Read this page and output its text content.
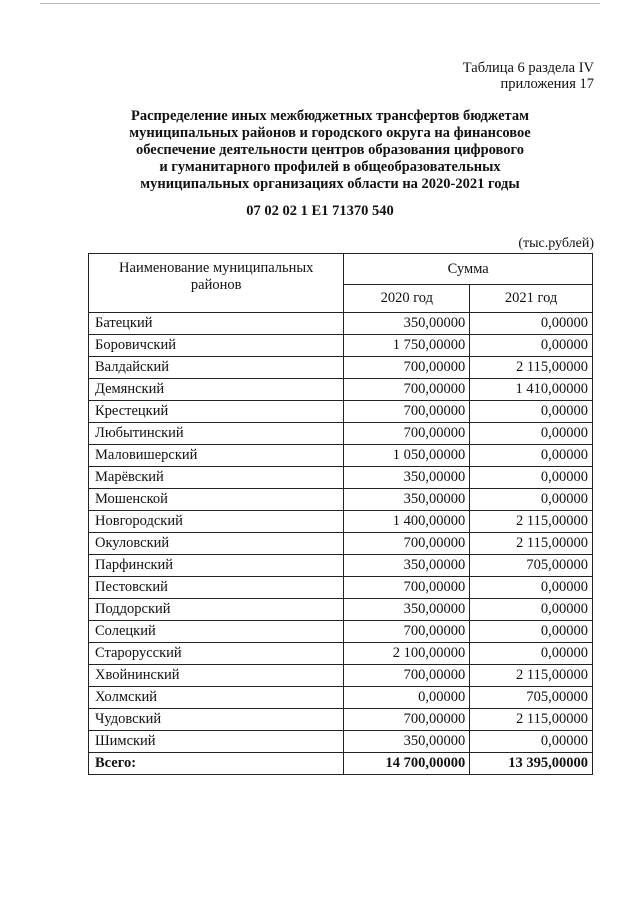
Таблица 6 раздела IV
приложения 17
Распределение иных межбюджетных трансфертов бюджетам
муниципальных районов и городского округа на финансовое
обеспечение деятельности центров образования цифрового
и гуманитарного профилей в общеобразовательных
муниципальных организациях области на 2020-2021 годы
07 02 02 1 E1 71370 540
(тыс.рублей)
Наименование муниципальных районов	Сумма	
	2020 год	2021 год
Батецкий	350,00000	0,00000
Боровичский	1 750,00000	0,00000
Валдайский	700,00000	2 115,00000
Демянский	700,00000	1 410,00000
Крестецкий	700,00000	0,00000
Любытинский	700,00000	0,00000
Маловишерский	1 050,00000	0,00000
Марёвский	350,00000	0,00000
Мошенской	350,00000	0,00000
Новгородский	1 400,00000	2 115,00000
Окуловский	700,00000	2 115,00000
Парфинский	350,00000	705,00000
Пестовский	700,00000	0,00000
Поддорский	350,00000	0,00000
Солецкий	700,00000	0,00000
Старорусский	2 100,00000	0,00000
Хвойнинский	700,00000	2 115,00000
Холмский	0,00000	705,00000
Чудовский	700,00000	2 115,00000
Шимский	350,00000	0,00000
Всего:	14 700,00000	13 395,00000
